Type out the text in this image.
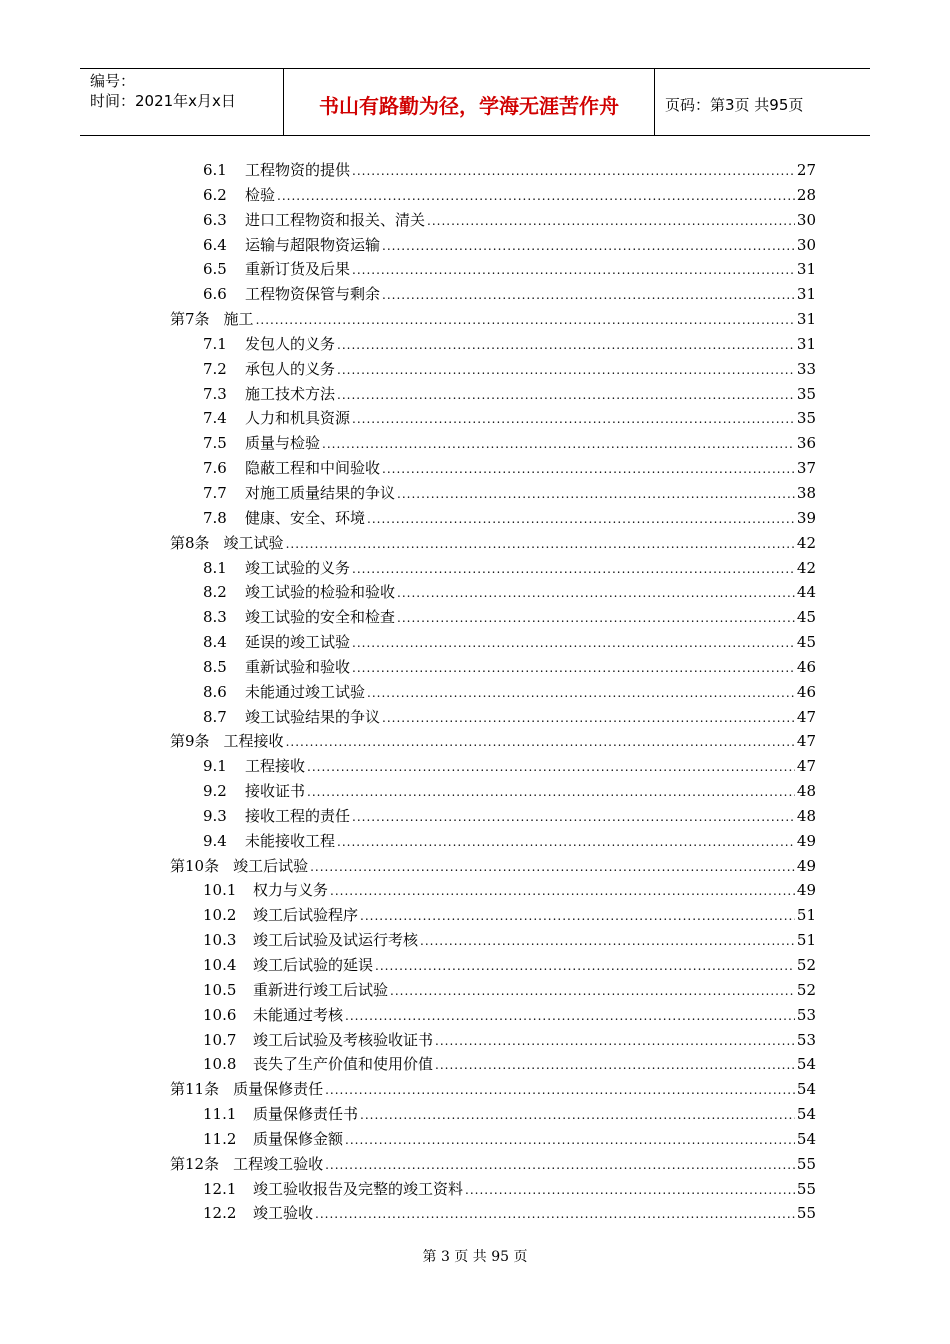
编号：
时间：2021年x月x日	书山有路勤为径，学海无涯苦作舟	页码：第3页 共95页
6.1	工程物资的提供 .....	27
6.2	检验 .....	28
6.3	进口工程物资和报关、清关 .....	30
6.4	运输与超限物资运输 .....	30
6.5	重新订货及后果 .....	31
6.6	工程物资保管与剩余 .....	31
第7条 施工 .....	31
7.1	发包人的义务 .....	31
7.2	承包人的义务 .....	33
7.3	施工技术方法 .....	35
7.4	人力和机具资源 .....	35
7.5	质量与检验 .....	36
7.6	隐蔽工程和中间验收 .....	37
7.7	对施工质量结果的争议 .....	38
7.8	健康、安全、环境 .....	39
第8条 竣工试验 .....	42
8.1	竣工试验的义务 .....	42
8.2	竣工试验的检验和验收 .....	44
8.3	竣工试验的安全和检查 .....	45
8.4	延误的竣工试验 .....	45
8.5	重新试验和验收 .....	46
8.6	未能通过竣工试验 .....	46
8.7	竣工试验结果的争议 .....	47
第9条 工程接收 .....	47
9.1	工程接收 .....	47
9.2	接收证书 .....	48
9.3	接收工程的责任 .....	48
9.4	未能接收工程 .....	49
第10条 竣工后试验 .....	49
10.1	权力与义务 .....	49
10.2	竣工后试验程序 .....	51
10.3	竣工后试验及试运行考核 .....	51
10.4	竣工后试验的延误 .....	52
10.5	重新进行竣工后试验 .....	52
10.6	未能通过考核 .....	53
10.7	竣工后试验及考核验收证书 .....	53
10.8	丧失了生产价值和使用价值 .....	54
第11条 质量保修责任 .....	54
11.1	质量保修责任书 .....	54
11.2	质量保修金额 .....	54
第12条 工程竣工验收 .....	55
12.1	竣工验收报告及完整的竣工资料 .....	55
12.2	竣工验收 .....	55
第 3 页 共 95 页
